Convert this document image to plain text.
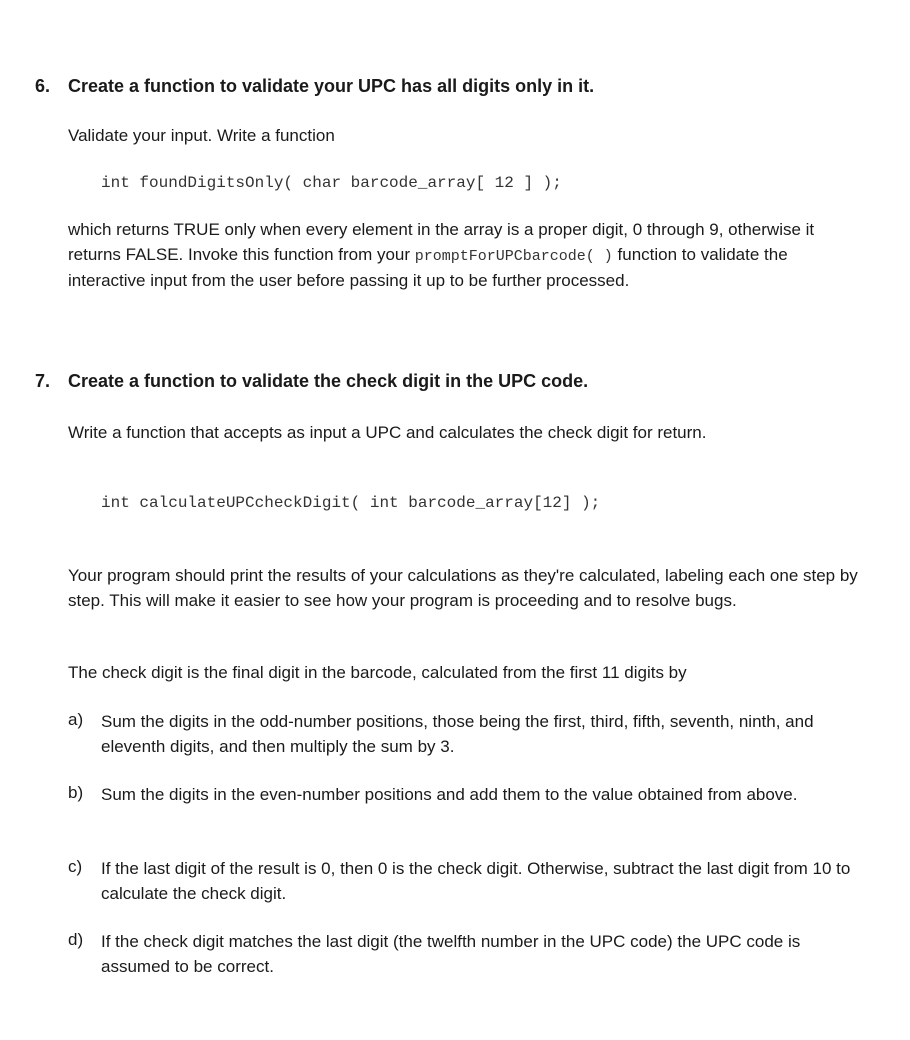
6. Create a function to validate your UPC has all digits only in it.
Validate your input. Write a function
int foundDigitsOnly( char barcode_array[ 12 ] );
which returns TRUE only when every element in the array is a proper digit, 0 through 9, otherwise it returns FALSE. Invoke this function from your promptForUPCbarcode( ) function to validate the interactive input from the user before passing it up to be further processed.
7. Create a function to validate the check digit in the UPC code.
Write a function that accepts as input a UPC and calculates the check digit for return.
int calculateUPCcheckDigit( int barcode_array[12] );
Your program should print the results of your calculations as they're calculated, labeling each one step by step. This will make it easier to see how your program is proceeding and to resolve bugs.
The check digit is the final digit in the barcode, calculated from the first 11 digits by
a) Sum the digits in the odd-number positions, those being the first, third, fifth, seventh, ninth, and eleventh digits, and then multiply the sum by 3.
b) Sum the digits in the even-number positions and add them to the value obtained from above.
c) If the last digit of the result is 0, then 0 is the check digit. Otherwise, subtract the last digit from 10 to calculate the check digit.
d) If the check digit matches the last digit (the twelfth number in the UPC code) the UPC code is assumed to be correct.
